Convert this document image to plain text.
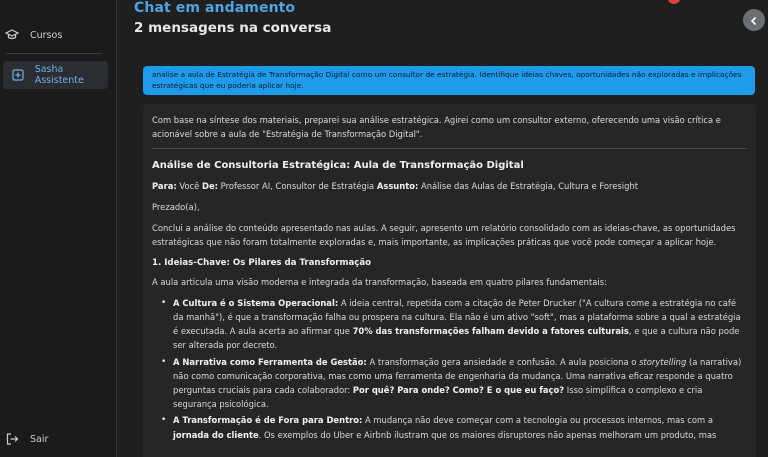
Cursos
Sasha Assistente
Sair
Chat em andamento
2 mensagens na conversa
analise a aula de Estratégia de Transformação Digital como um consultor de estratégia. Identifique ideias chaves, oportunidades não exploradas e implicações estratégicas que eu poderia aplicar hoje.

Com base na síntese dos materiais, preparei sua análise estratégica. Agirei como um consultor externo, oferecendo uma visão crítica e acionável sobre a aula de "Estratégia de Transformação Digital".

Análise de Consultoria Estratégica: Aula de Transformação Digital

Para: Você De: Professor AI, Consultor de Estratégia Assunto: Análise das Aulas de Estratégia, Cultura e Foresight

Prezado(a),

Conclui a análise do conteúdo apresentado nas aulas. A seguir, apresento um relatório consolidado com as ideias-chave, as oportunidades estratégicas que não foram totalmente exploradas e, mais importante, as implicações práticas que você pode começar a aplicar hoje.

1. Ideias-Chave: Os Pilares da Transformação

A aula articula uma visão moderna e integrada da transformação, baseada em quatro pilares fundamentais:

• A Cultura é o Sistema Operacional: A ideia central, repetida com a citação de Peter Drucker ("A cultura come a estratégia no café da manhã"), é que a transformação falha ou prospera na cultura. Ela não é um ativo "soft", mas a plataforma sobre a qual a estratégia é executada. A aula acerta ao afirmar que 70% das transformações falham devido a fatores culturais, e que a cultura não pode ser alterada por decreto.
• A Narrativa como Ferramenta de Gestão: A transformação gera ansiedade e confusão. A aula posiciona o storytelling (a narrativa) não como comunicação corporativa, mas como uma ferramenta de engenharia da mudança. Uma narrativa eficaz responde a quatro perguntas cruciais para cada colaborador: Por quê? Para onde? Como? E o que eu faço? Isso simplifica o complexo e cria segurança psicológica.
• A Transformação é de Fora para Dentro: A mudança não deve começar com a tecnologia ou processos internos, mas com a jornada do cliente. Os exemplos do Uber e Airbnb ilustram que os maiores disruptores não apenas melhoram um produto, mas
